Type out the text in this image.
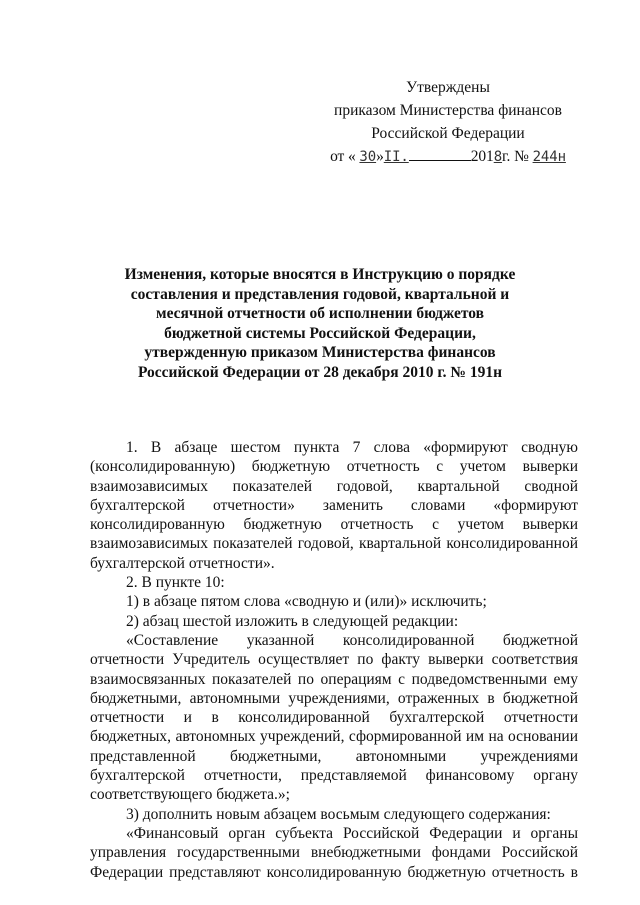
Утверждены
приказом Министерства финансов
Российской Федерации
от « 30»II.	2018г. № 244н
Изменения, которые вносятся в Инструкцию о порядке
составления и представления годовой, квартальной и
месячной отчетности об исполнении бюджетов
бюджетной системы Российской Федерации,
утвержденную приказом Министерства финансов
Российской Федерации от 28 декабря 2010 г. № 191н

1. В абзаце шестом пункта 7 слова «формируют сводную (консолидированную) бюджетную отчетность с учетом выверки взаимозависимых показателей годовой, квартальной сводной бухгалтерской отчетности» заменить словами «формируют консолидированную бюджетную отчетность с учетом выверки взаимозависимых показателей годовой, квартальной консолидированной бухгалтерской отчетности».

2. В пункте 10:

1) в абзаце пятом слова «сводную и (или)» исключить;

2) абзац шестой изложить в следующей редакции:

«Составление указанной консолидированной бюджетной отчетности Учредитель осуществляет по факту выверки соответствия взаимосвязанных показателей по операциям с подведомственными ему бюджетными, автономными учреждениями, отраженных в бюджетной отчетности и в консолидированной бухгалтерской отчетности бюджетных, автономных учреждений, сформированной им на основании представленной бюджетными, автономными учреждениями бухгалтерской отчетности, представляемой финансовому органу соответствующего бюджета.»;

3) дополнить новым абзацем восьмым следующего содержания:

«Финансовый орган субъекта Российской Федерации и органы управления государственными внебюджетными фондами Российской Федерации представляют консолидированную бюджетную отчетность в
